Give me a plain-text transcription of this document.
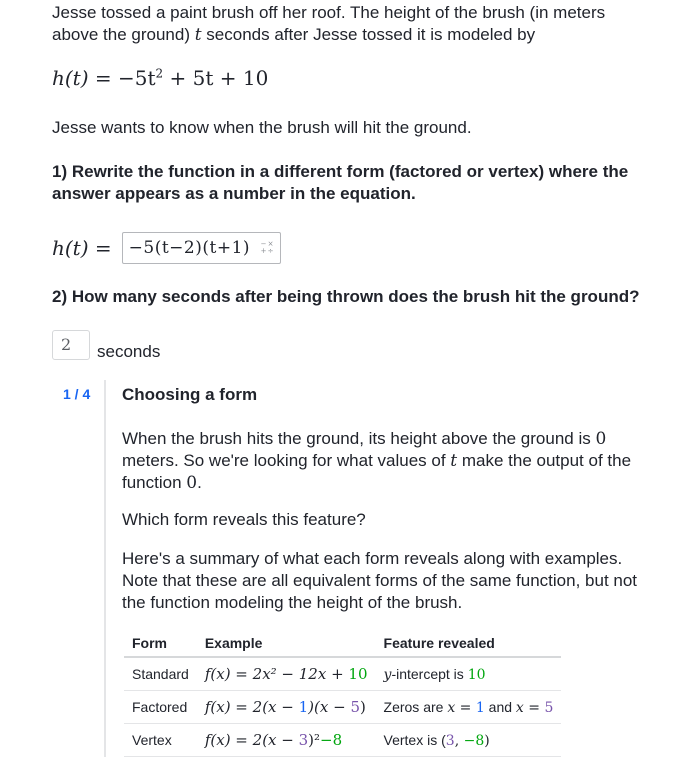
Jesse tossed a paint brush off her roof. The height of the brush (in meters above the ground) t seconds after Jesse tossed it is modeled by
$h(t) = -5t^2 + 5t + 10$
Jesse wants to know when the brush will hit the ground.
1) Rewrite the function in a different form (factored or vertex) where the answer appears as a number in the equation.
h(t) = −5(t−2)(t+1) − ×
+ ÷
2) How many seconds after being thrown does the brush hit the ground?
2	seconds
1 / 4 Choosing a form
When the brush hits the ground, its height above the ground is 0 meters. So we're looking for what values of t make the output of the function 0.
Which form reveals this feature?
Here's a summary of what each form reveals along with examples. Note that these are all equivalent forms of the same function, but not the function modeling the height of the brush.
Form	Example	Feature revealed
Standard	f(x) = 2x² − 12x + 10	y-intercept is 10
Factored	f(x) = 2(x − 1)(x − 5)	Zeros are x = 1 and x = 5
Vertex	f(x) = 2(x − 3)²−8	Vertex is (3, −8)
